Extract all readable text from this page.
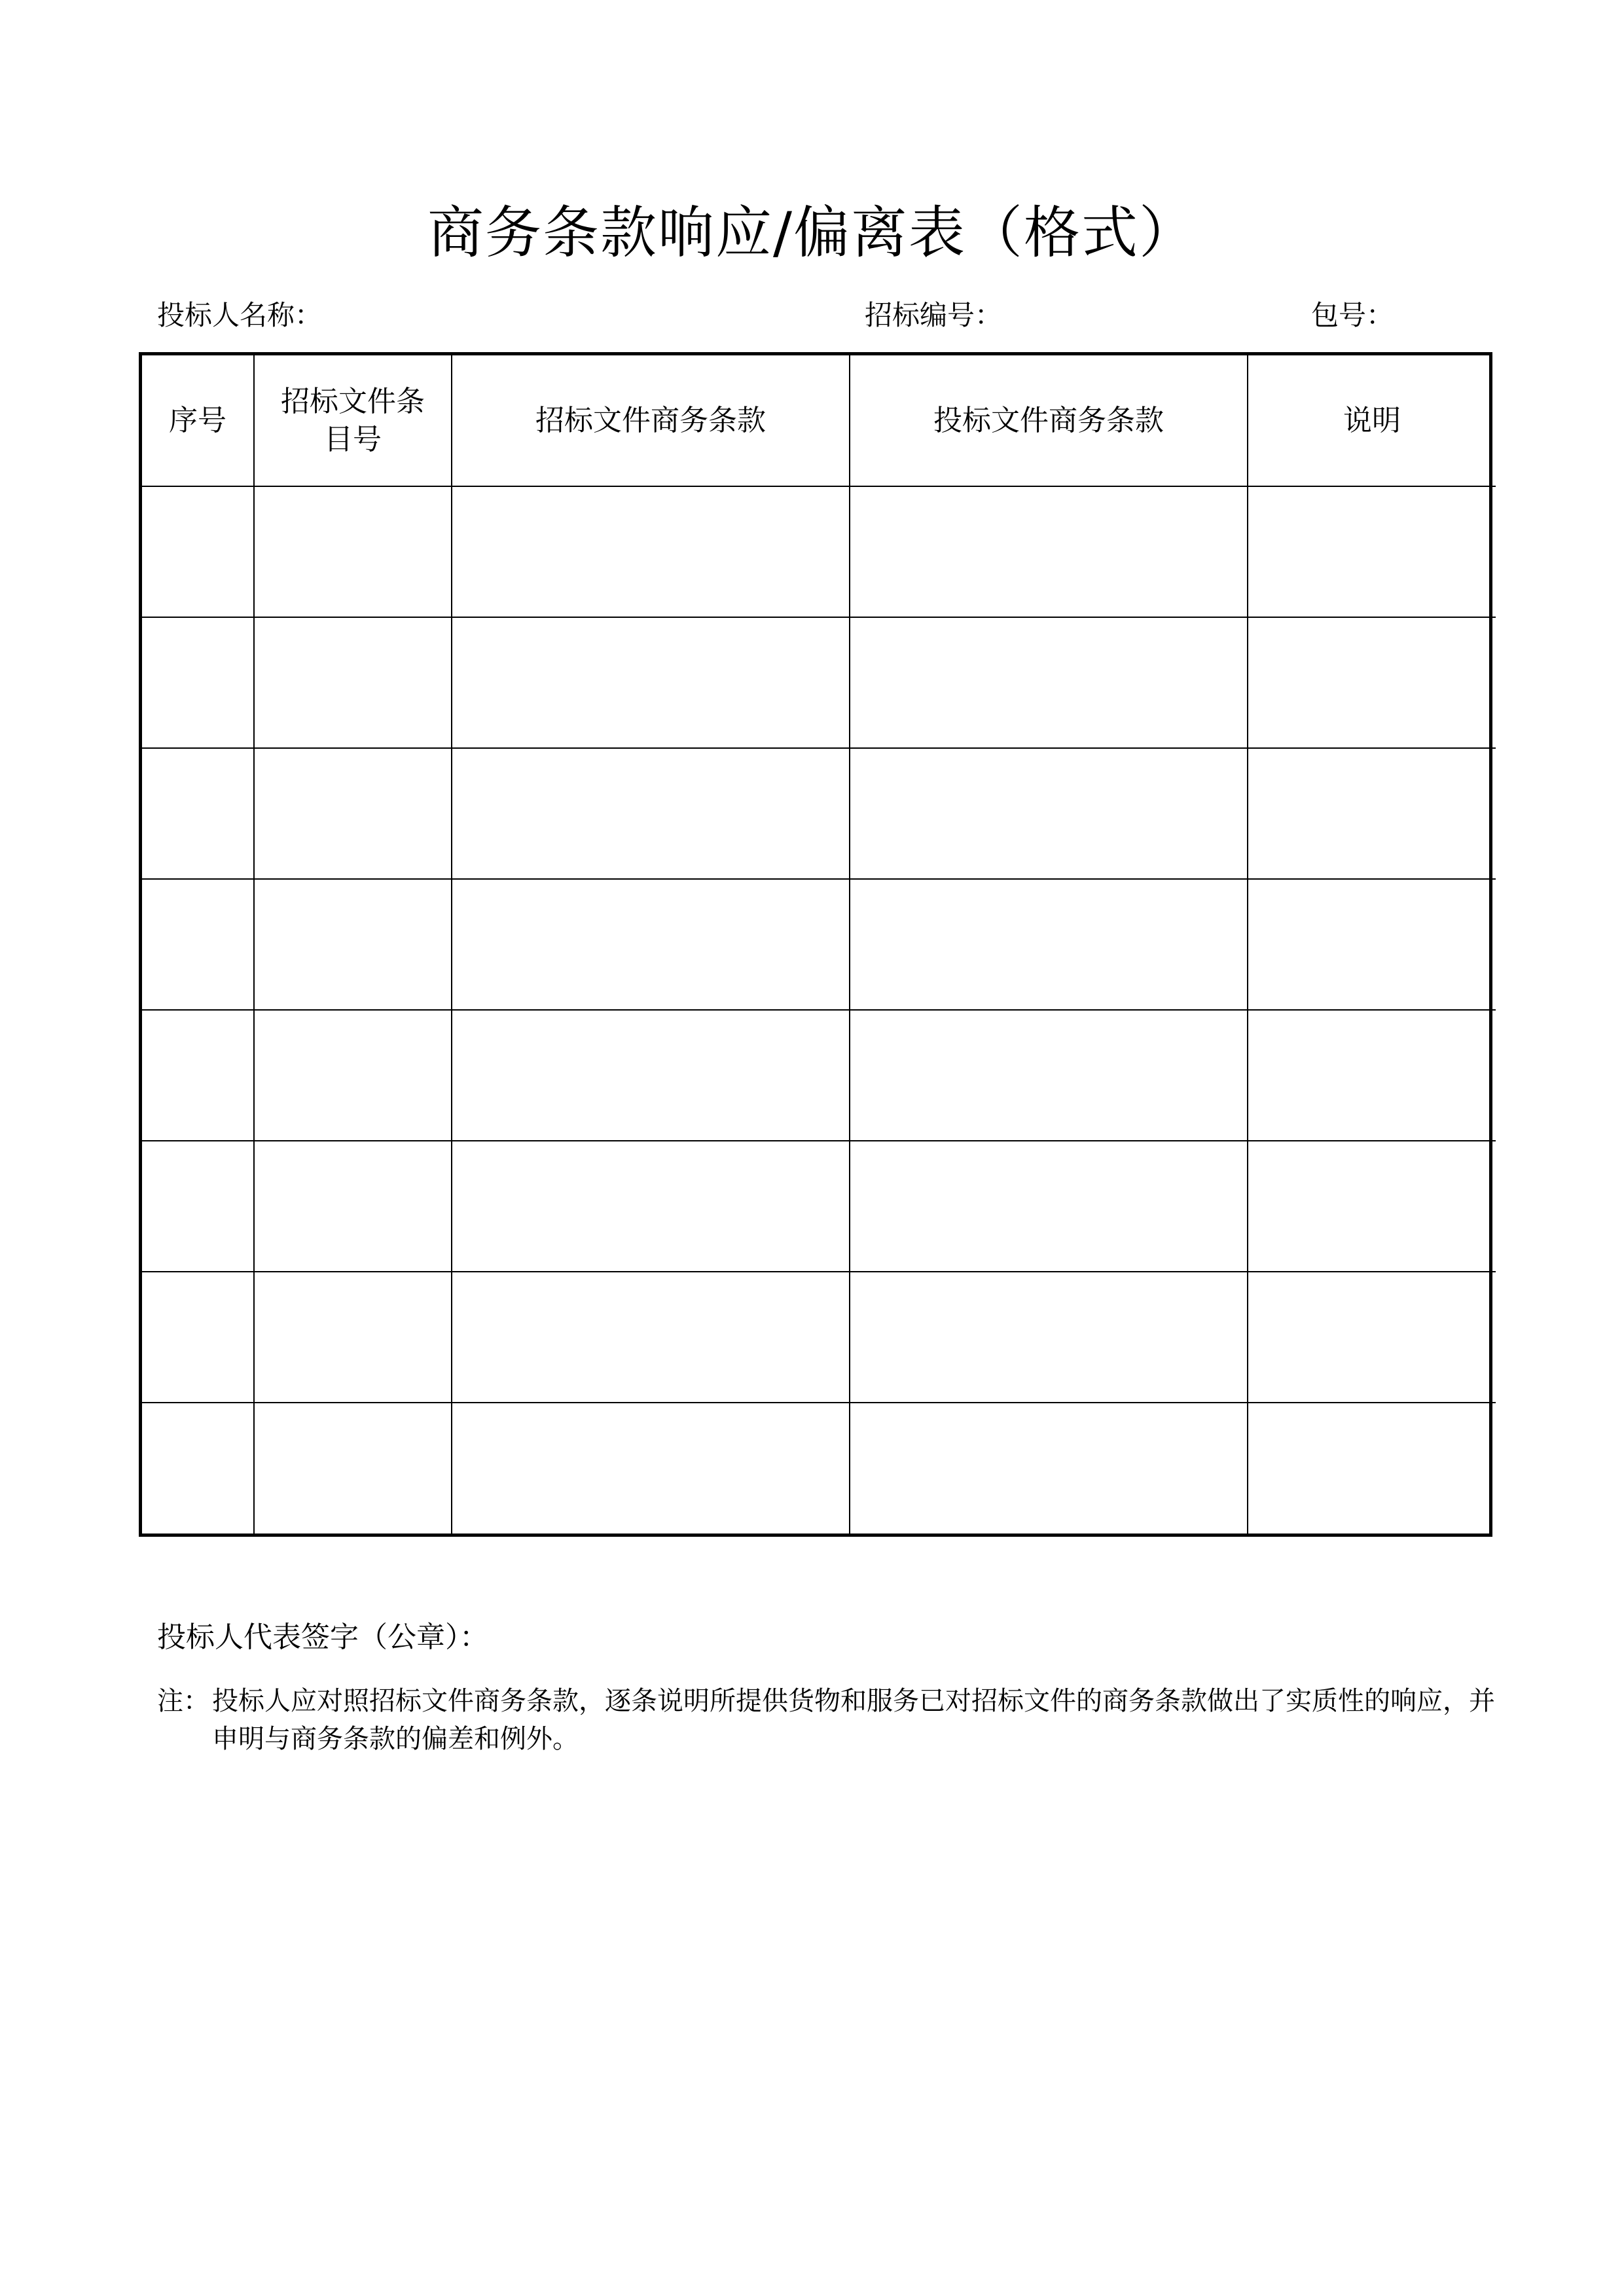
商务条款响应/偏离表（格式）
投标人名称：	招标编号：	包号：
序号	招标文件条目号	招标文件商务条款	投标文件商务条款	说明

投标人代表签字（公章）：
注： 投标人应对照招标文件商务条款，逐条说明所提供货物和服务已对招标文件的商务条款做出了实质性的响应，并申明与商务条款的偏差和例外。
